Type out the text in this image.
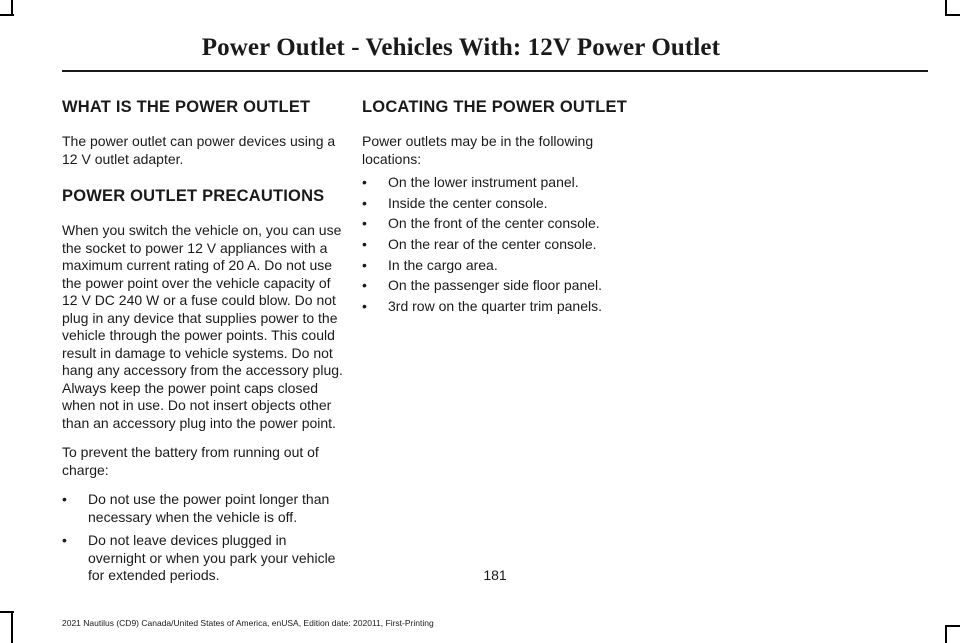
Power Outlet - Vehicles With: 12V Power Outlet
WHAT IS THE POWER OUTLET

The power outlet can power devices using a 12 V outlet adapter.

POWER OUTLET PRECAUTIONS

When you switch the vehicle on, you can use the socket to power 12 V appliances with a maximum current rating of 20 A. Do not use the power point over the vehicle capacity of 12 V DC 240 W or a fuse could blow. Do not plug in any device that supplies power to the vehicle through the power points. This could result in damage to vehicle systems. Do not hang any accessory from the accessory plug. Always keep the power point caps closed when not in use. Do not insert objects other than an accessory plug into the power point.

To prevent the battery from running out of charge:

• Do not use the power point longer than necessary when the vehicle is off.
• Do not leave devices plugged in overnight or when you park your vehicle for extended periods.
LOCATING THE POWER OUTLET

Power outlets may be in the following locations:

• On the lower instrument panel.
• Inside the center console.
• On the front of the center console.
• On the rear of the center console.
• In the cargo area.
• On the passenger side floor panel.
• 3rd row on the quarter trim panels.
181
2021 Nautilus (CD9) Canada/United States of America, enUSA, Edition date: 202011, First-Printing
